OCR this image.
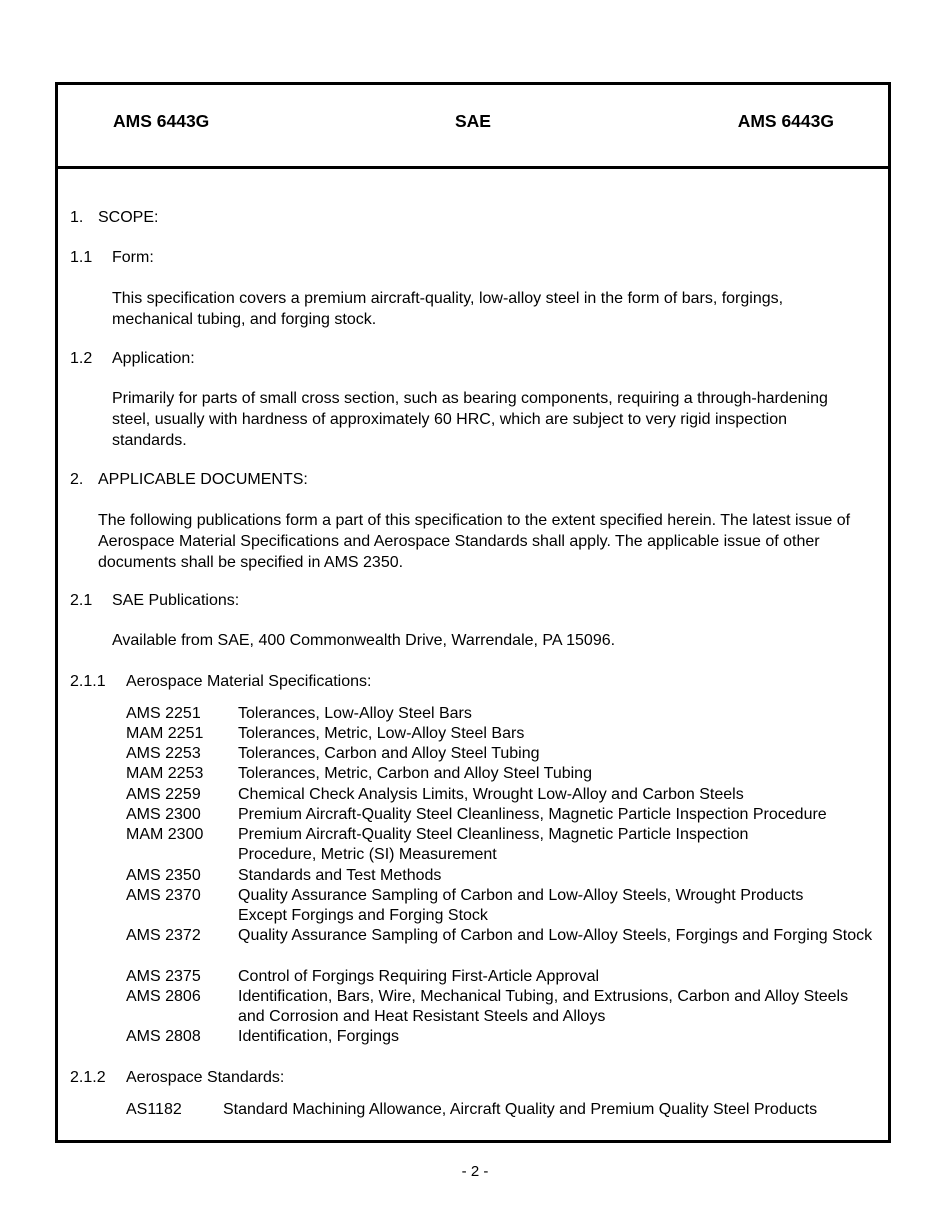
AMS 6443G	SAE	AMS 6443G
1. SCOPE:
1.1 Form:
This specification covers a premium aircraft-quality, low-alloy steel in the form of bars, forgings, mechanical tubing, and forging stock.
1.2 Application:
Primarily for parts of small cross section, such as bearing components, requiring a through-hardening steel, usually with hardness of approximately 60 HRC, which are subject to very rigid inspection standards.
2. APPLICABLE DOCUMENTS:
The following publications form a part of this specification to the extent specified herein. The latest issue of Aerospace Material Specifications and Aerospace Standards shall apply. The applicable issue of other documents shall be specified in AMS 2350.
2.1 SAE Publications:
Available from SAE, 400 Commonwealth Drive, Warrendale, PA 15096.
2.1.1 Aerospace Material Specifications:
AMS 2251 Tolerances, Low-Alloy Steel Bars
MAM 2251 Tolerances, Metric, Low-Alloy Steel Bars
AMS 2253 Tolerances, Carbon and Alloy Steel Tubing
MAM 2253 Tolerances, Metric, Carbon and Alloy Steel Tubing
AMS 2259 Chemical Check Analysis Limits, Wrought Low-Alloy and Carbon Steels
AMS 2300 Premium Aircraft-Quality Steel Cleanliness, Magnetic Particle Inspection Procedure
MAM 2300 Premium Aircraft-Quality Steel Cleanliness, Magnetic Particle Inspection Procedure, Metric (SI) Measurement
AMS 2350 Standards and Test Methods
AMS 2370 Quality Assurance Sampling of Carbon and Low-Alloy Steels, Wrought Products Except Forgings and Forging Stock
AMS 2372 Quality Assurance Sampling of Carbon and Low-Alloy Steels, Forgings and Forging Stock
AMS 2375 Control of Forgings Requiring First-Article Approval
AMS 2806 Identification, Bars, Wire, Mechanical Tubing, and Extrusions, Carbon and Alloy Steels and Corrosion and Heat Resistant Steels and Alloys
AMS 2808 Identification, Forgings
2.1.2 Aerospace Standards:
AS1182	Standard Machining Allowance, Aircraft Quality and Premium Quality Steel Products
- 2 -
